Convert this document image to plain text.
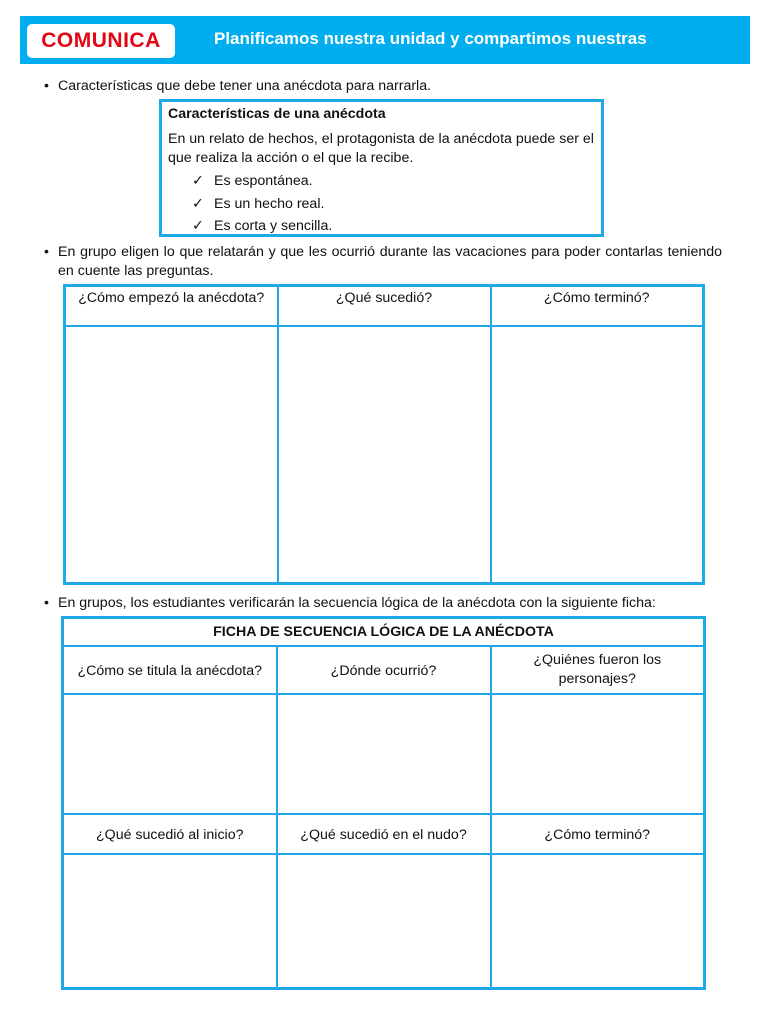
COMUNICA	Planificamos nuestra unidad y compartimos nuestras
• Características que debe tener una anécdota para narrarla.
Características de una anécdota
En un relato de hechos, el protagonista de la anécdota puede ser el que realiza la acción o el que la recibe.
✓ Es espontánea.
✓ Es un hecho real.
✓ Es corta y sencilla.
• En grupo eligen lo que relatarán y que les ocurrió durante las vacaciones para poder contarlas teniendo en cuente las preguntas.
¿Cómo empezó la anécdota?	¿Qué sucedió?	¿Cómo terminó?

• En grupos, los estudiantes verificarán la secuencia lógica de la anécdota con la siguiente ficha:
FICHA DE SECUENCIA LÓGICA DE LA ANÉCDOTA		
¿Cómo se titula la anécdota?	¿Dónde ocurrió?	¿Quiénes fueron los personajes?

¿Qué sucedió al inicio?	¿Qué sucedió en el nudo?	¿Cómo terminó?
